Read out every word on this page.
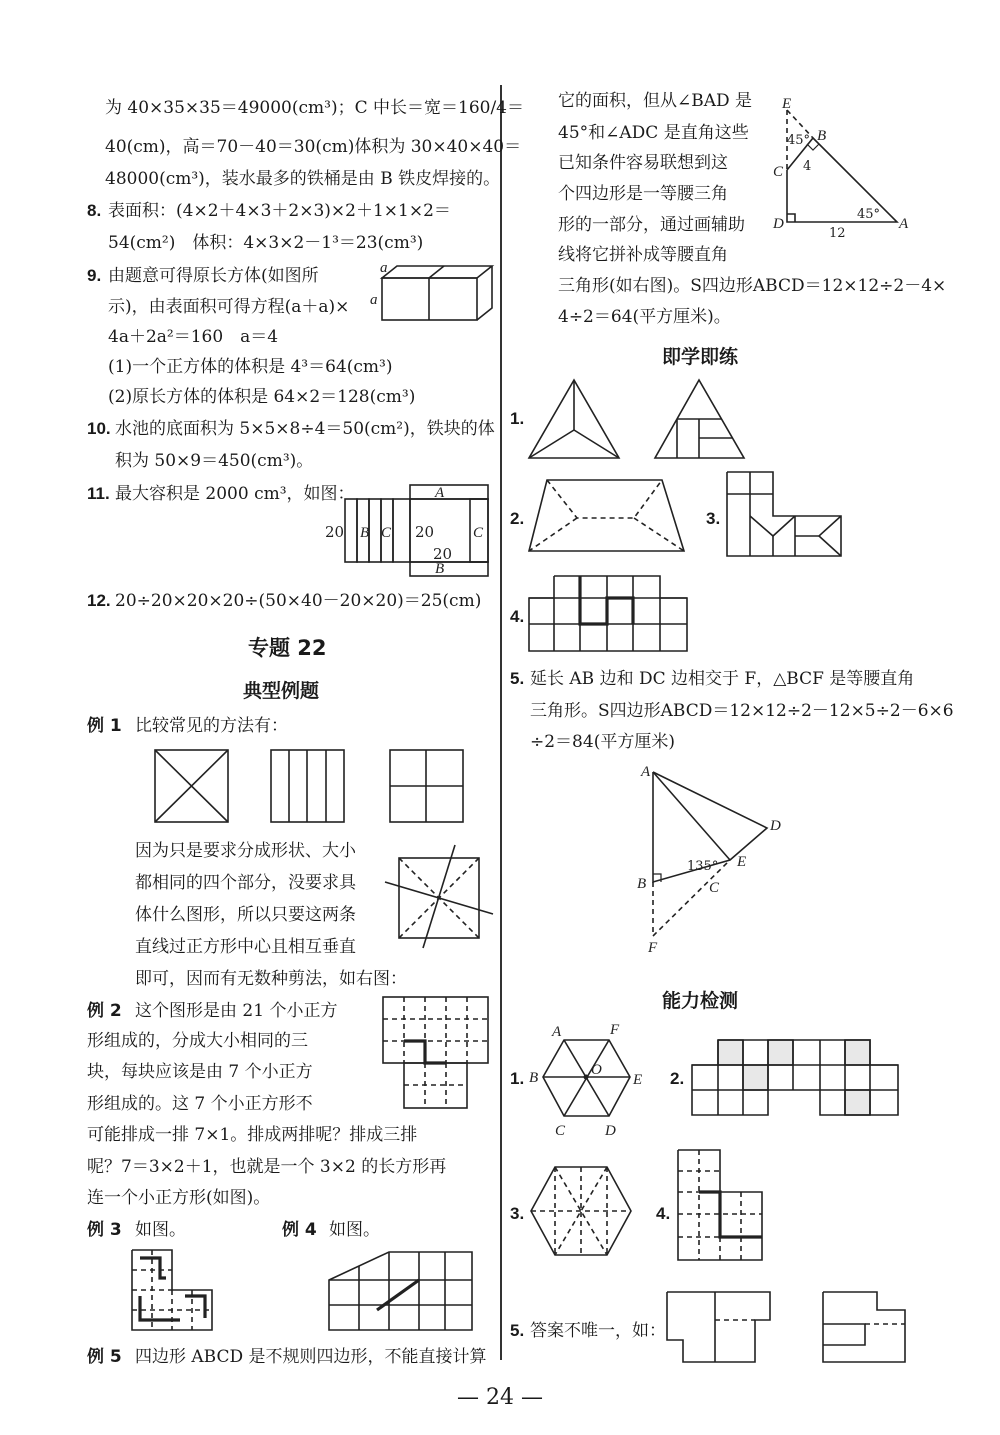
为 40×35×35＝49000(cm³)；C 中长＝宽＝160/4＝
40(cm)，高＝70－40＝30(cm)体积为 30×40×40＝
48000(cm³)，装水最多的铁桶是由 B 铁皮焊接的。
8. 表面积：(4×2＋4×3＋2×3)×2＋1×1×2＝
54(cm²)　体积：4×3×2－1³＝23(cm³)
9. 由题意可得原长方体(如图所
示)，由表面积可得方程(a＋a)×
4a＋2a²＝160　a＝4
(1)一个正方体的体积是 4³＝64(cm³)
(2)原长方体的体积是 64×2＝128(cm³)
a
a
10. 水池的底面积为 5×5×8÷4＝50(cm²)，铁块的体
积为 50×9＝450(cm³)。
11. 最大容积是 2000 cm³，如图：	A
B C
20	20
20
C
B
12. 20÷20×20×20÷(50×40－20×20)＝25(cm)
专题 22
典型例题
例 1 比较常见的方法有：
因为只是要求分成形状、大小
都相同的四个部分，没要求具
体什么图形，所以只要这两条
直线过正方形中心且相互垂直
即可，因而有无数种剪法，如右图：
例 2 这个图形是由 21 个小正方
形组成的，分成大小相同的三
块，每块应该是由 7 个小正方
形组成的。这 7 个小正方形不
可能排成一排 7×1。排成两排呢？排成三排
呢？7＝3×2＋1，也就是一个 3×2 的长方形再
连一个小正方形(如图)。
例 3 如图。	例 4 如图。
例 5 四边形 ABCD 是不规则四边形，不能直接计算
它的面积，但从∠BAD 是
45°和∠ADC 是直角这些
已知条件容易联想到这
个四边形是一等腰三角
形的一部分，通过画辅助
线将它拼补成等腰直角
三角形(如右图)。S四边形ABCD＝12×12÷2－4×
4÷2＝64(平方厘米)。
E
B
45°
4
C
D
12
45°
A
即学即练
1.
2.	3.
4.
5. 延长 AB 边和 DC 边相交于 F，△BCF 是等腰直角
三角形。S四边形ABCD＝12×12÷2－12×5÷2－6×6
÷2＝84(平方厘米)
A
D
E
135°
B	C
F
能力检测
1.
A	F
B	O
E
C	D
2.
3.	4.
5. 答案不唯一，如：
— 24 —
